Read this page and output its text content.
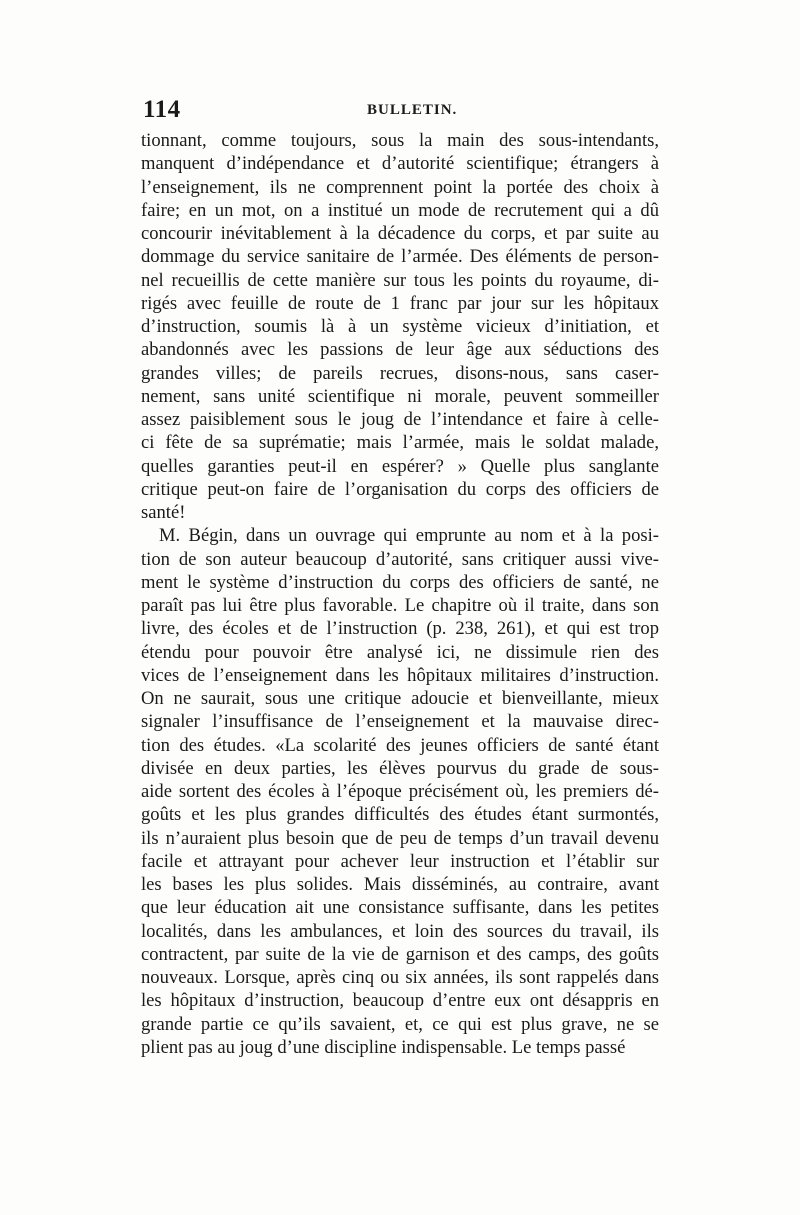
114	BULLETIN.
tionnant, comme toujours, sous la main des sous-intendants,
manquent d’indépendance et d’autorité scientifique; étrangers à
l’enseignement, ils ne comprennent point la portée des choix à
faire; en un mot, on a institué un mode de recrutement qui a dû
concourir inévitablement à la décadence du corps, et par suite au
dommage du service sanitaire de l’armée. Des éléments de person-
nel recueillis de cette manière sur tous les points du royaume, di-
rigés avec feuille de route de 1 franc par jour sur les hôpitaux
d’instruction, soumis là à un système vicieux d’initiation, et
abandonnés avec les passions de leur âge aux séductions des
grandes villes; de pareils recrues, disons-nous, sans caser-
nement, sans unité scientifique ni morale, peuvent sommeiller
assez paisiblement sous le joug de l’intendance et faire à celle-
ci fête de sa suprématie; mais l’armée, mais le soldat malade,
quelles garanties peut-il en espérer? » Quelle plus sanglante
critique peut-on faire de l’organisation du corps des officiers de
santé!
M. Bégin, dans un ouvrage qui emprunte au nom et à la posi-
tion de son auteur beaucoup d’autorité, sans critiquer aussi vive-
ment le système d’instruction du corps des officiers de santé, ne
paraît pas lui être plus favorable. Le chapitre où il traite, dans son
livre, des écoles et de l’instruction (p. 238, 261), et qui est trop
étendu pour pouvoir être analysé ici, ne dissimule rien des
vices de l’enseignement dans les hôpitaux militaires d’instruction.
On ne saurait, sous une critique adoucie et bienveillante, mieux
signaler l’insuffisance de l’enseignement et la mauvaise direc-
tion des études. «La scolarité des jeunes officiers de santé étant
divisée en deux parties, les élèves pourvus du grade de sous-
aide sortent des écoles à l’époque précisément où, les premiers dé-
goûts et les plus grandes difficultés des études étant surmontés,
ils n’auraient plus besoin que de peu de temps d’un travail devenu
facile et attrayant pour achever leur instruction et l’établir sur
les bases les plus solides. Mais disséminés, au contraire, avant
que leur éducation ait une consistance suffisante, dans les petites
localités, dans les ambulances, et loin des sources du travail, ils
contractent, par suite de la vie de garnison et des camps, des goûts
nouveaux. Lorsque, après cinq ou six années, ils sont rappelés dans
les hôpitaux d’instruction, beaucoup d’entre eux ont désappris en
grande partie ce qu’ils savaient, et, ce qui est plus grave, ne se
plient pas au joug d’une discipline indispensable. Le temps passé
